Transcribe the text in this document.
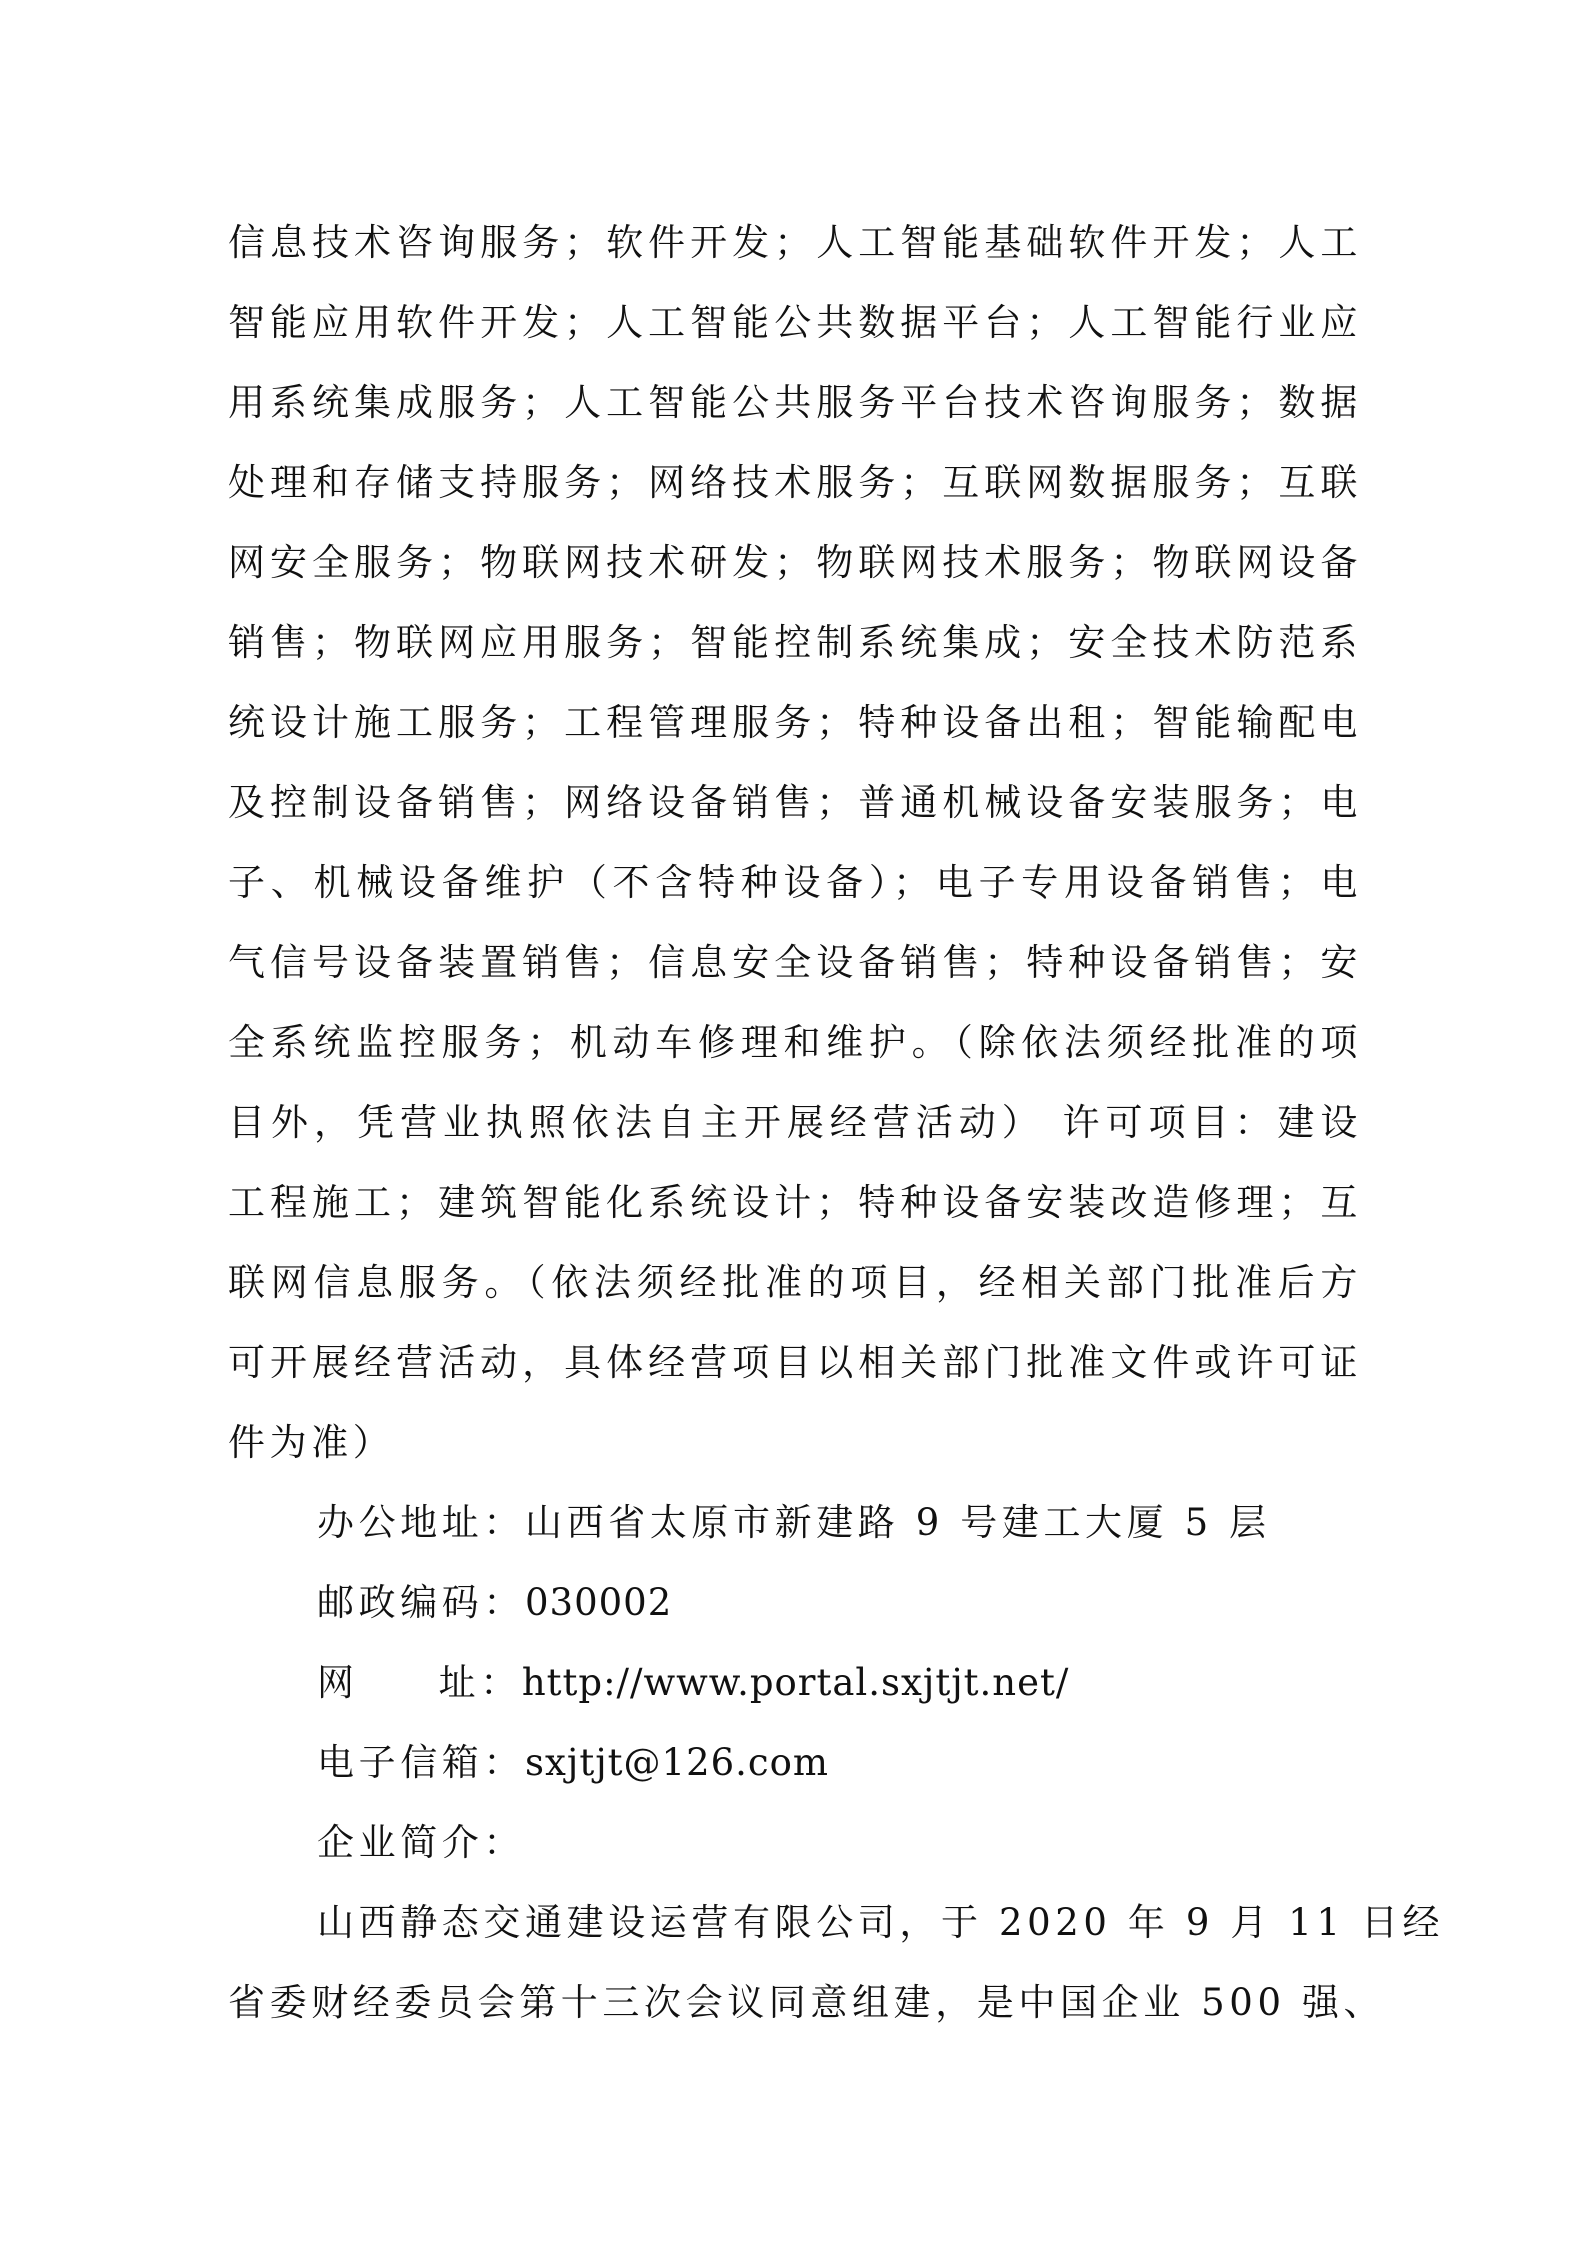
信息技术咨询服务；软件开发；人工智能基础软件开发；人工
智能应用软件开发；人工智能公共数据平台；人工智能行业应
用系统集成服务；人工智能公共服务平台技术咨询服务；数据
处理和存储支持服务；网络技术服务；互联网数据服务；互联
网安全服务；物联网技术研发；物联网技术服务；物联网设备
销售；物联网应用服务；智能控制系统集成；安全技术防范系
统设计施工服务；工程管理服务；特种设备出租；智能输配电
及控制设备销售；网络设备销售；普通机械设备安装服务；电
子、机械设备维护（不含特种设备）；电子专用设备销售；电
气信号设备装置销售；信息安全设备销售；特种设备销售；安
全系统监控服务；机动车修理和维护。（除依法须经批准的项
目外，凭营业执照依法自主开展经营活动） 许可项目：建设
工程施工；建筑智能化系统设计；特种设备安装改造修理；互
联网信息服务。（依法须经批准的项目，经相关部门批准后方
可开展经营活动，具体经营项目以相关部门批准文件或许可证
件为准）
办公地址：山西省太原市新建路 9 号建工大厦 5 层
邮政编码：030002
网 址：http://www.portal.sxjtjt.net/
电子信箱：sxjtjt@126.com
企业简介：
山西静态交通建设运营有限公司，于 2020 年 9 月 11 日经
省委财经委员会第十三次会议同意组建，是中国企业 500 强、
